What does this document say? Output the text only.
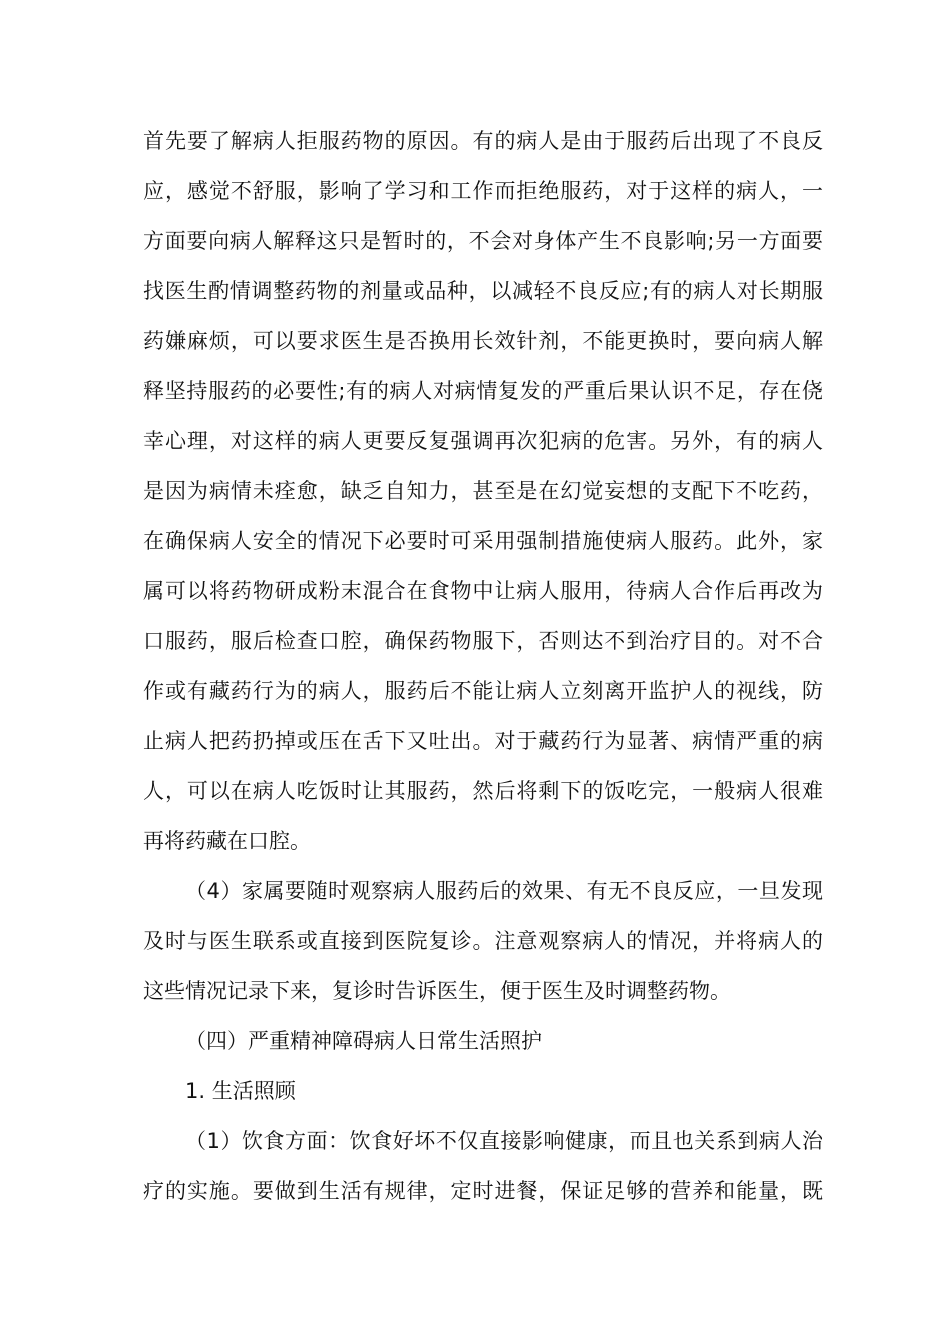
首先要了解病人拒服药物的原因。有的病人是由于服药后出现了不良反
应，感觉不舒服，影响了学习和工作而拒绝服药，对于这样的病人，一
方面要向病人解释这只是暂时的，不会对身体产生不良影响;另一方面要
找医生酌情调整药物的剂量或品种，以减轻不良反应;有的病人对长期服
药嫌麻烦，可以要求医生是否换用长效针剂，不能更换时，要向病人解
释坚持服药的必要性;有的病人对病情复发的严重后果认识不足，存在侥
幸心理，对这样的病人更要反复强调再次犯病的危害。另外，有的病人
是因为病情未痊愈，缺乏自知力，甚至是在幻觉妄想的支配下不吃药，
在确保病人安全的情况下必要时可采用强制措施使病人服药。此外，家
属可以将药物研成粉末混合在食物中让病人服用，待病人合作后再改为
口服药，服后检查口腔，确保药物服下，否则达不到治疗目的。对不合
作或有藏药行为的病人，服药后不能让病人立刻离开监护人的视线，防
止病人把药扔掉或压在舌下又吐出。对于藏药行为显著、病情严重的病
人，可以在病人吃饭时让其服药，然后将剩下的饭吃完，一般病人很难
再将药藏在口腔。
（4）家属要随时观察病人服药后的效果、有无不良反应，一旦发现
及时与医生联系或直接到医院复诊。注意观察病人的情况，并将病人的
这些情况记录下来，复诊时告诉医生，便于医生及时调整药物。
（四）严重精神障碍病人日常生活照护
1. 生活照顾
（1）饮食方面：饮食好坏不仅直接影响健康，而且也关系到病人治
疗的实施。要做到生活有规律，定时进餐，保证足够的营养和能量，既
